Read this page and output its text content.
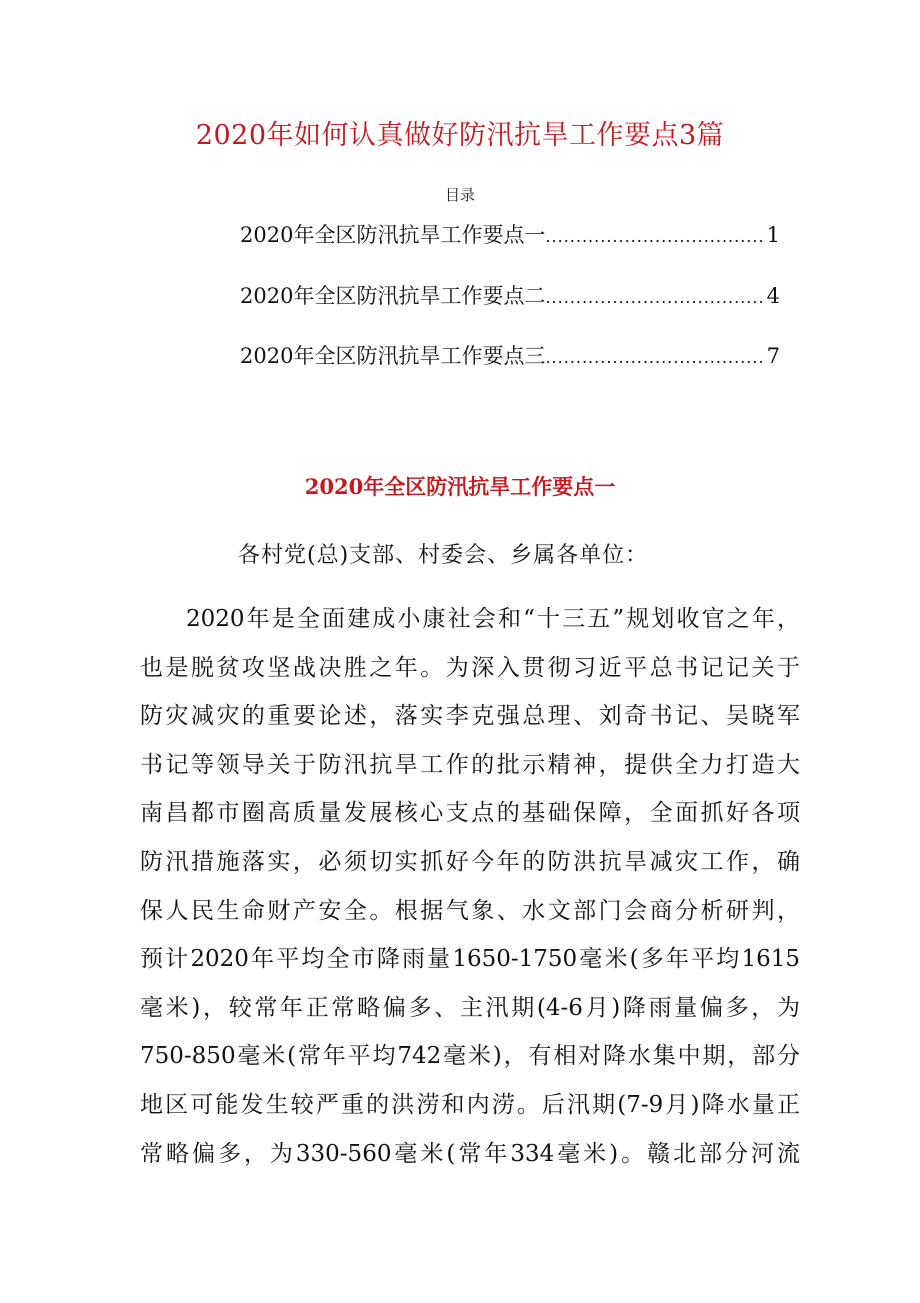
2020年如何认真做好防汛抗旱工作要点3篇
目录
2020年全区防汛抗旱工作要点一 .....	1
2020年全区防汛抗旱工作要点二 .....	4
2020年全区防汛抗旱工作要点三 .....	7
2020年全区防汛抗旱工作要点一
各村党(总)支部、村委会、乡属各单位：
2020年是全面建成小康社会和“十三五”规划收官之年，
也是脱贫攻坚战决胜之年。为深入贯彻习近平总书记记关于
防灾减灾的重要论述，落实李克强总理、刘奇书记、吴晓军
书记等领导关于防汛抗旱工作的批示精神，提供全力打造大
南昌都市圈高质量发展核心支点的基础保障，全面抓好各项
防汛措施落实，必须切实抓好今年的防洪抗旱减灾工作，确
保人民生命财产安全。根据气象、水文部门会商分析研判，
预计2020年平均全市降雨量1650-1750毫米(多年平均1615
毫米)，较常年正常略偏多、主汛期(4-6月)降雨量偏多，为
750-850毫米(常年平均742毫米)，有相对降水集中期，部分
地区可能发生较严重的洪涝和内涝。后汛期(7-9月)降水量正
常略偏多，为330-560毫米(常年334毫米)。赣北部分河流
